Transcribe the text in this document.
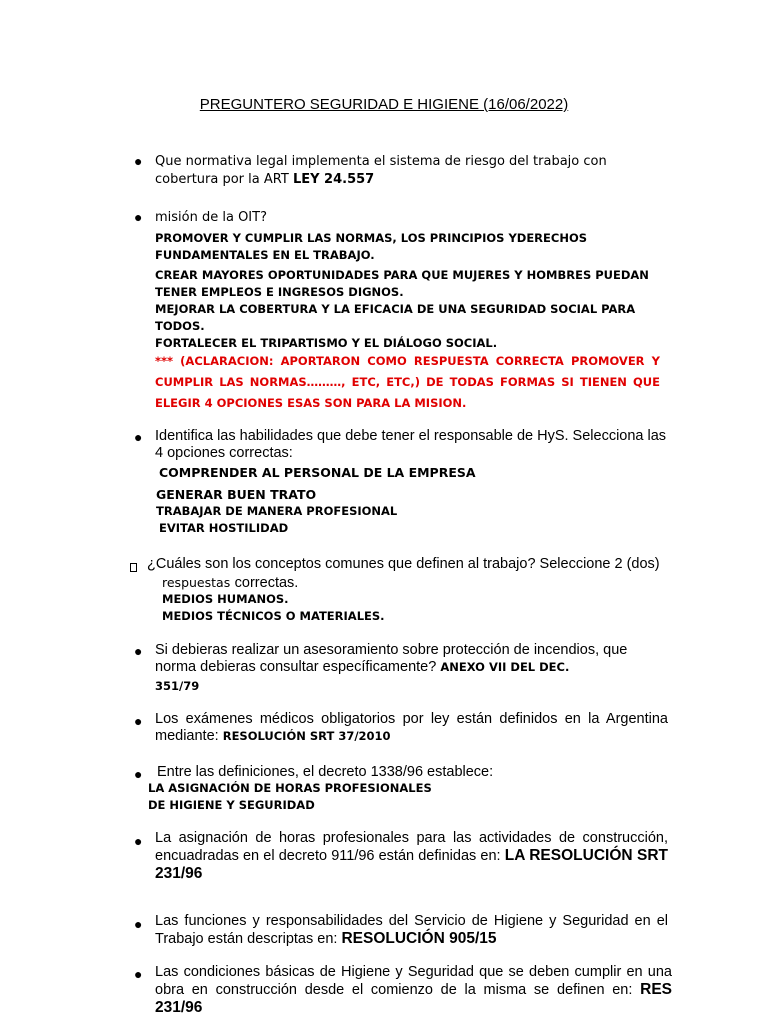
PREGUNTERO SEGURIDAD E HIGIENE (16/06/2022)
● Que normativa legal implementa el sistema de riesgo del trabajo con cobertura por la ART LEY 24.557
● misión de la OIT?
PROMOVER Y CUMPLIR LAS NORMAS, LOS PRINCIPIOS YDERECHOS FUNDAMENTALES EN EL TRABAJO.
CREAR MAYORES OPORTUNIDADES PARA QUE MUJERES Y HOMBRES PUEDAN TENER EMPLEOS E INGRESOS DIGNOS.
MEJORAR LA COBERTURA Y LA EFICACIA DE UNA SEGURIDAD SOCIAL PARA TODOS.
FORTALECER EL TRIPARTISMO Y EL DIÁLOGO SOCIAL.
*** (ACLARACION: APORTARON COMO RESPUESTA CORRECTA PROMOVER Y CUMPLIR LAS NORMAS………, ETC, ETC,) DE TODAS FORMAS SI TIENEN QUE ELEGIR 4 OPCIONES ESAS SON PARA LA MISION.
● Identifica las habilidades que debe tener el responsable de HyS. Selecciona las 4 opciones correctas:
COMPRENDER AL PERSONAL DE LA EMPRESA
GENERAR BUEN TRATO
TRABAJAR DE MANERA PROFESIONAL
EVITAR HOSTILIDAD
¿Cuáles son los conceptos comunes que definen al trabajo? Seleccione 2 (dos)
respuestas correctas.
MEDIOS HUMANOS.
MEDIOS TÉCNICOS O MATERIALES.
● Si debieras realizar un asesoramiento sobre protección de incendios, que norma debieras consultar específicamente? ANEXO VII DEL DEC.
351/79
● Los exámenes médicos obligatorios por ley están definidos en la Argentina mediante: RESOLUCIÓN SRT 37/2010
● Entre las definiciones, el decreto 1338/96 establece:
LA ASIGNACIÓN DE HORAS PROFESIONALES
DE HIGIENE Y SEGURIDAD
● La asignación de horas profesionales para las actividades de construcción, encuadradas en el decreto 911/96 están definidas en: LA RESOLUCIÓN SRT 231/96
● Las funciones y responsabilidades del Servicio de Higiene y Seguridad en el Trabajo están descriptas en: RESOLUCIÓN 905/15
● Las condiciones básicas de Higiene y Seguridad que se deben cumplir en una obra en construcción desde el comienzo de la misma se definen en: RES 231/96
